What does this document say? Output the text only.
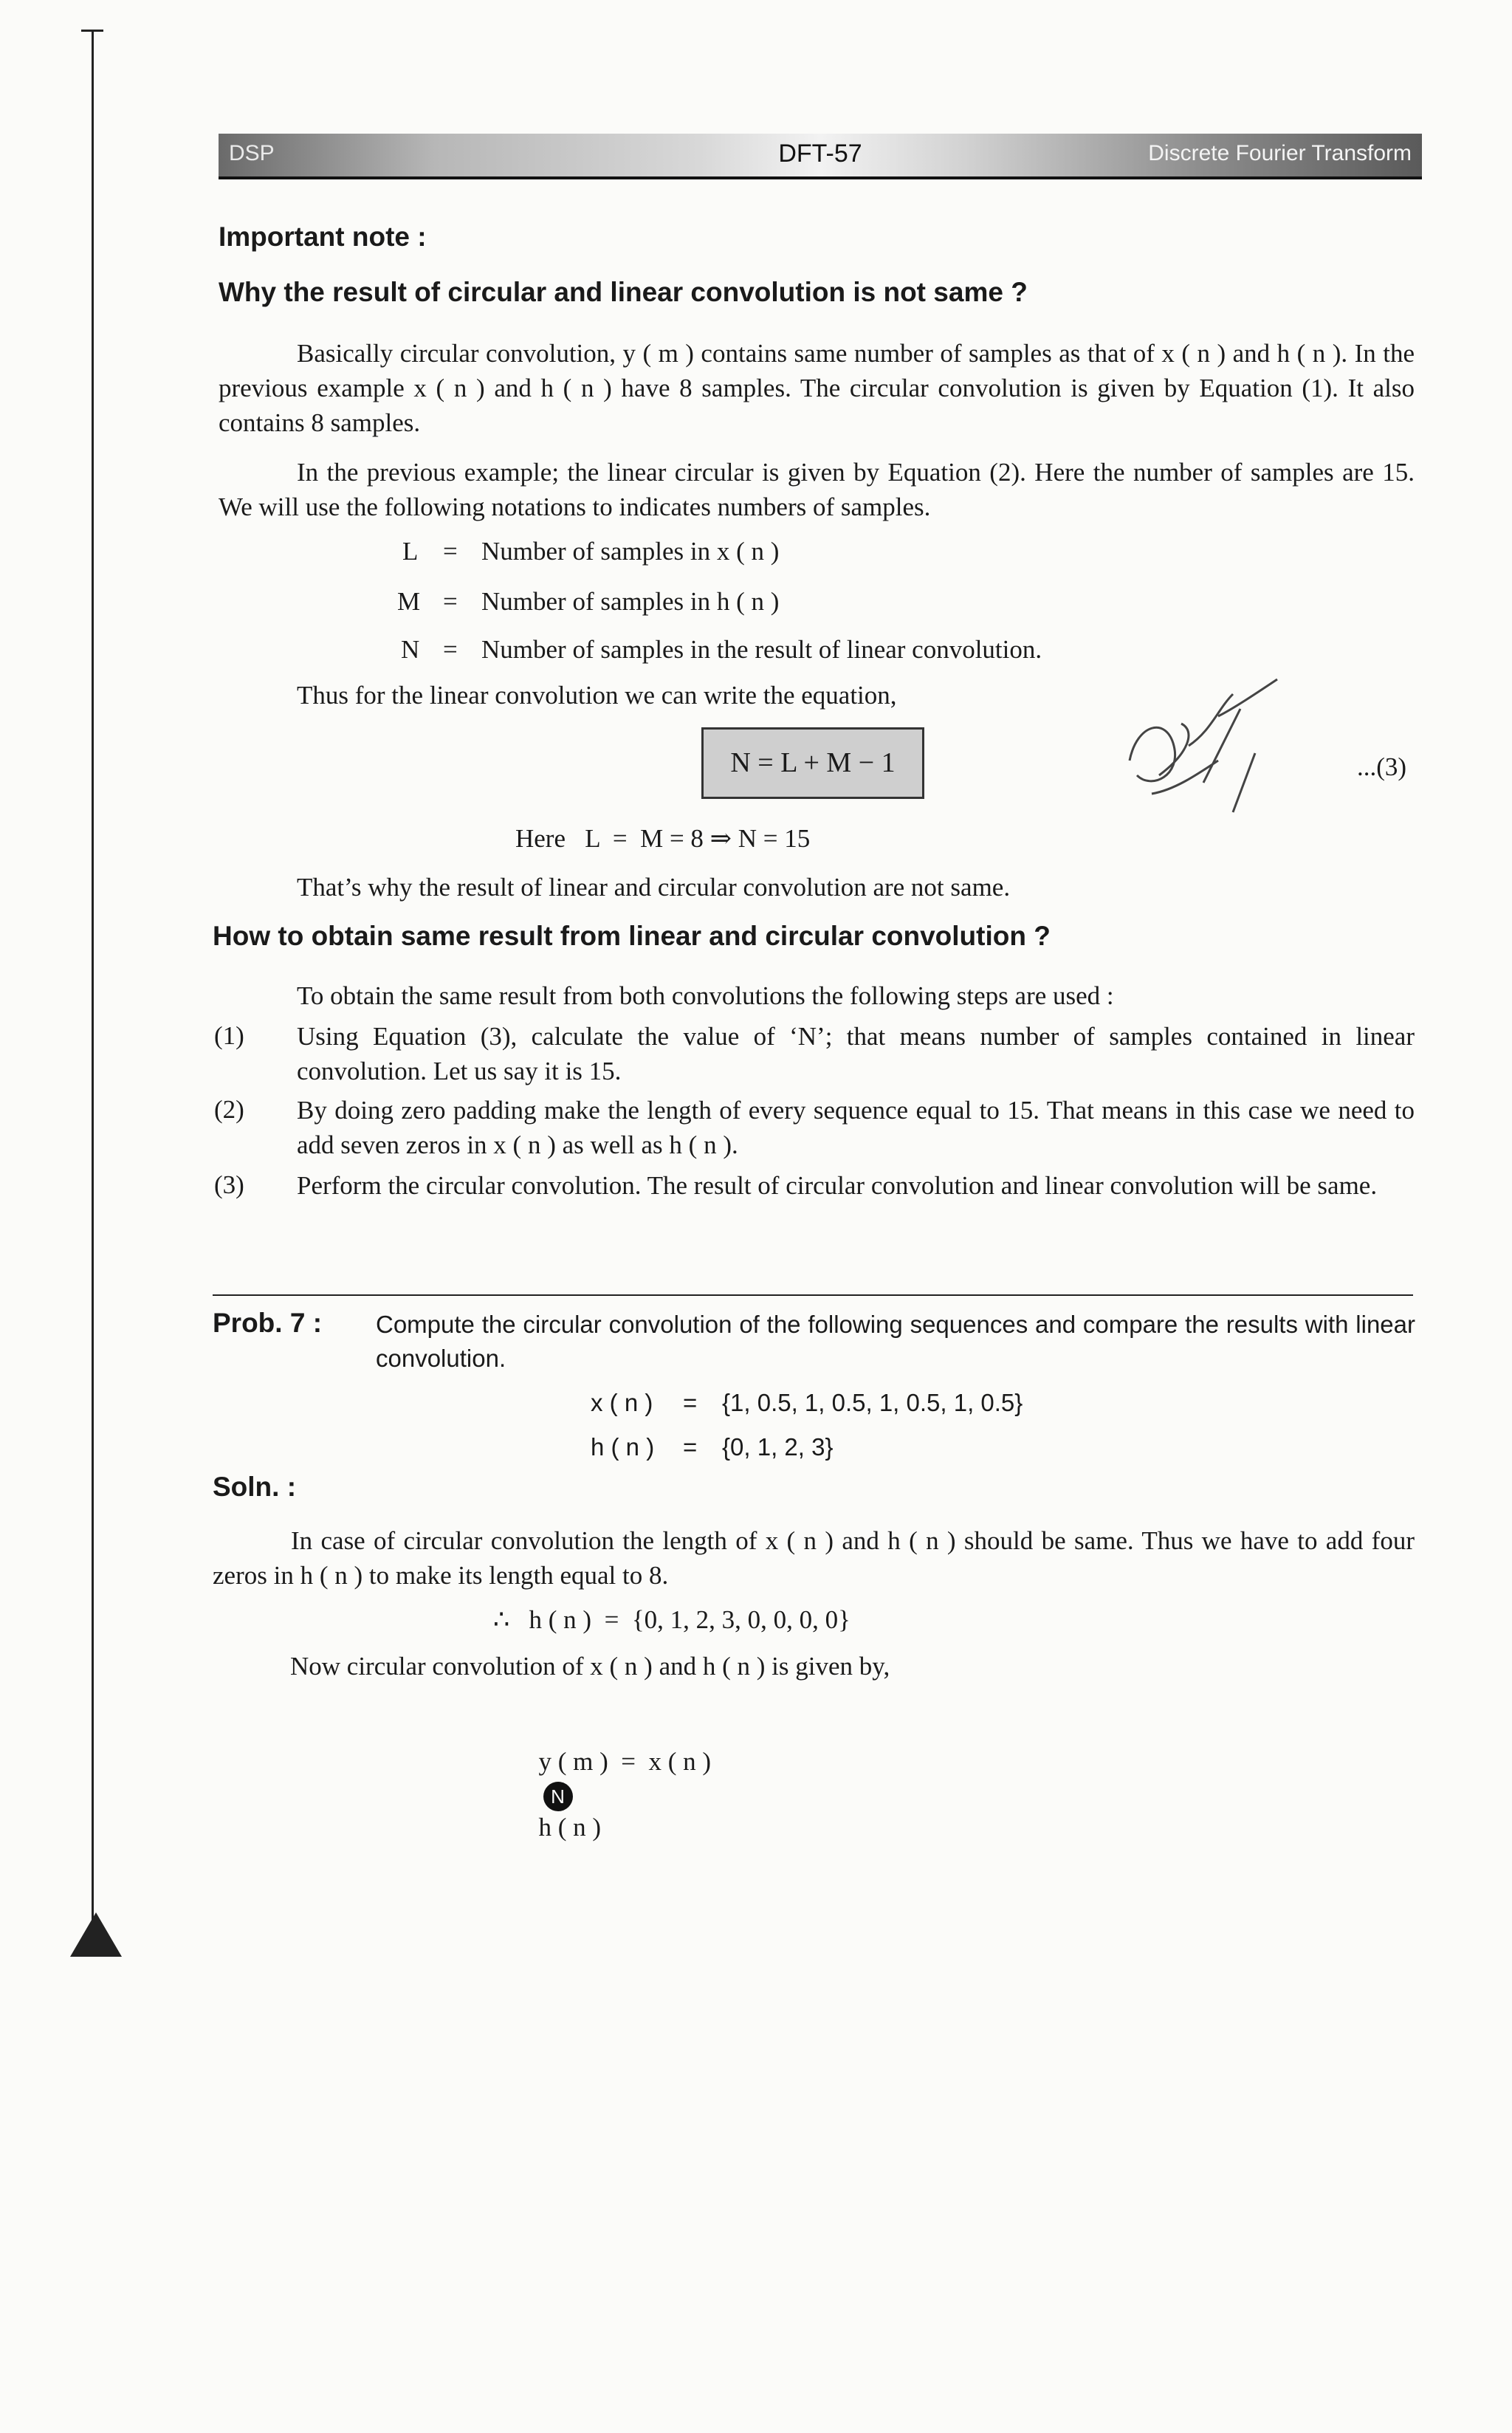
DSP	DFT-57	Discrete Fourier Transform
Important note :
Why the result of circular and linear convolution is not same ?
Basically circular convolution, y ( m ) contains same number of samples as that of x ( n ) and h ( n ). In the previous example x ( n ) and h ( n ) have 8 samples. The circular convolution is given by Equation (1). It also contains 8 samples.
In the previous example; the linear circular is given by Equation (2). Here the number of samples are 15. We will use the following notations to indicates numbers of samples.
L = Number of samples in x ( n )
M = Number of samples in h ( n )
N = Number of samples in the result of linear convolution.
Thus for the linear convolution we can write the equation,
N = L + M − 1	...(3)
Here   L  =  M = 8 ⇒ N = 15
That’s why the result of linear and circular convolution are not same.
How to obtain same result from linear and circular convolution ?
To obtain the same result from both convolutions the following steps are used :
(1) Using Equation (3), calculate the value of ‘N’; that means number of samples contained in linear convolution. Let us say it is 15.
(2) By doing zero padding make the length of every sequence equal to 15. That means in this case we need to add seven zeros in x ( n ) as well as h ( n ).
(3) Perform the circular convolution. The result of circular convolution and linear convolution will be same.
Prob. 7 : Compute the circular convolution of the following sequences and compare the results with linear convolution.
x ( n ) = {1, 0.5, 1, 0.5, 1, 0.5, 1, 0.5}
h ( n ) = {0, 1, 2, 3}
Soln. :
In case of circular convolution the length of x ( n ) and h ( n ) should be same. Thus we have to add four zeros in h ( n ) to make its length equal to 8.
∴   h ( n )  =  {0, 1, 2, 3, 0, 0, 0, 0}
Now circular convolution of x ( n ) and h ( n ) is given by,

y ( m )  =  x ( n )
N
h ( n )
